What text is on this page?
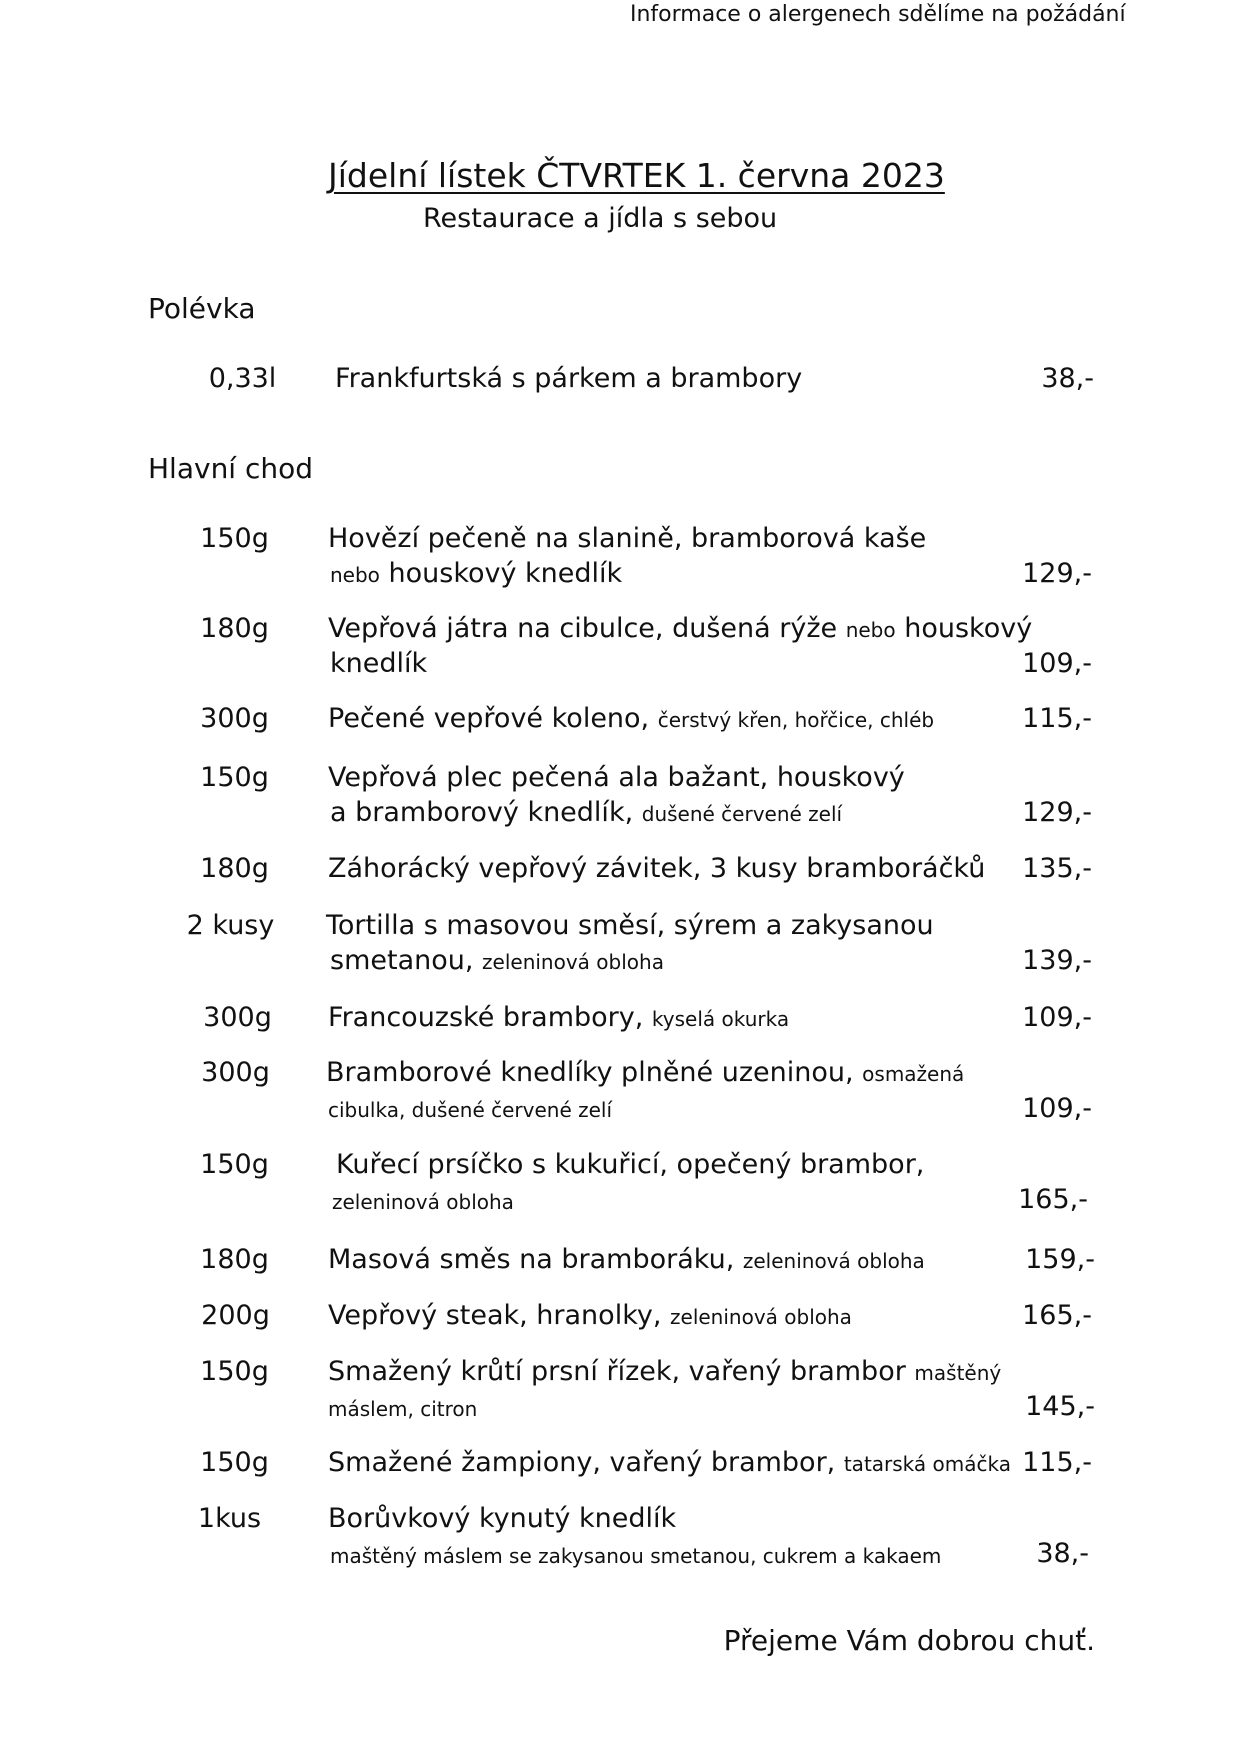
Informace o alergenech sdělíme na požádání
Jídelní lístek ČTVRTEK 1. června 2023
Restaurace a jídla s sebou
Polévka
0,33l	Frankfurtská s párkem a brambory	38,-
Hlavní chod
150g	Hovězí pečeně na slanině, bramborová kaše
nebo houskový knedlík	129,-
180g	Vepřová játra na cibulce, dušená rýže nebo houskový
knedlík	109,-
300g	Pečené vepřové koleno, čerstvý křen, hořčice, chléb	115,-
150g	Vepřová plec pečená ala bažant, houskový
a bramborový knedlík, dušené červené zelí	129,-
180g	Záhorácký vepřový závitek, 3 kusy bramboráčků	135,-
2 kusy	Tortilla s masovou směsí, sýrem a zakysanou
smetanou, zeleninová obloha	139,-
300g	Francouzské brambory, kyselá okurka	109,-
300g	Bramborové knedlíky plněné uzeninou, osmažená
cibulka, dušené červené zelí	109,-
150g	Kuřecí prsíčko s kukuřicí, opečený brambor,
zeleninová obloha	165,-
180g	Masová směs na bramboráku, zeleninová obloha	159,-
200g	Vepřový steak, hranolky, zeleninová obloha	165,-
150g	Smažený krůtí prsní řízek, vařený brambor maštěný
máslem, citron	145,-
150g	Smažené žampiony, vařený brambor, tatarská omáčka 115,-
1kus	Borůvkový kynutý knedlík
maštěný máslem se zakysanou smetanou, cukrem a kakaem	38,-
Přejeme Vám dobrou chuť.
